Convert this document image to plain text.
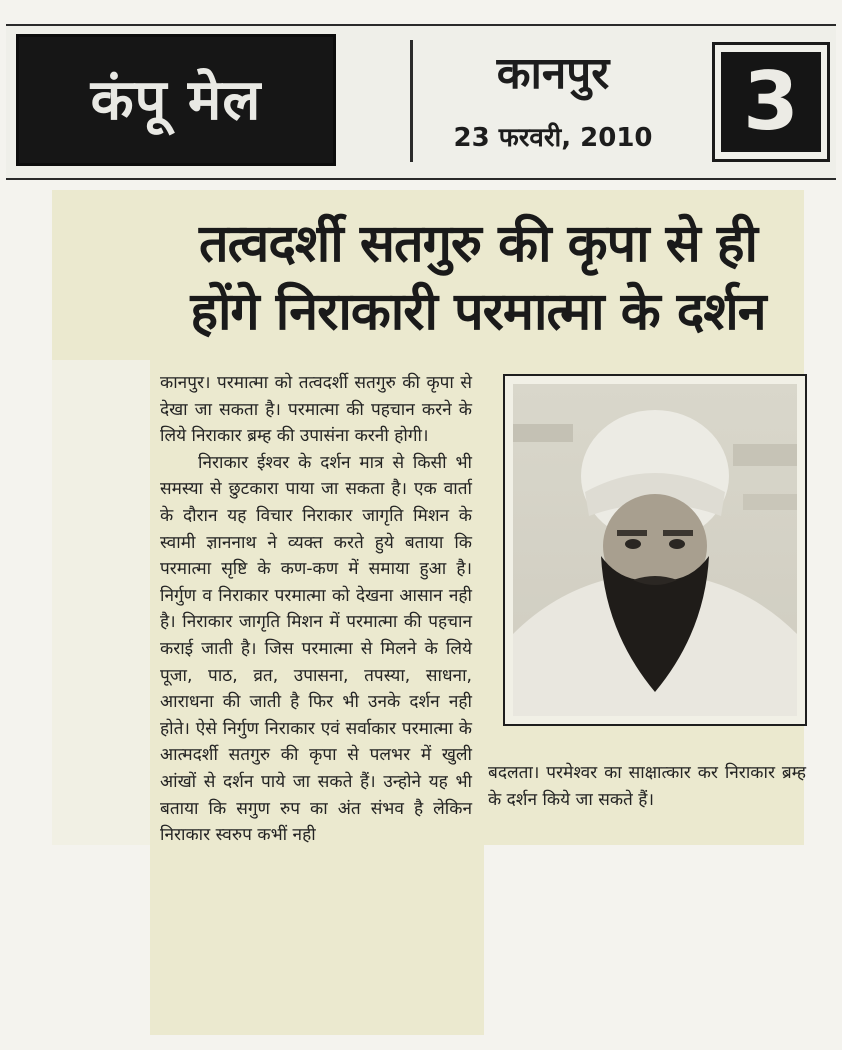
कंपू मेल	कानपुर
23 फरवरी, 2010	3
तत्वदर्शी सतगुरु की कृपा से ही
होंगे निराकारी परमात्मा के दर्शन

कानपुर। परमात्मा को तत्वदर्शी सतगुरु की कृपा से देखा जा सकता है। परमात्मा की पहचान करने के लिये निराकार ब्रम्ह की उपासंना करनी होगी।

निराकार ईश्वर के दर्शन मात्र से किसी भी समस्या से छुटकारा पाया जा सकता है। एक वार्ता के दौरान यह विचार निराकार जागृति मिशन के स्वामी ज्ञाननाथ ने व्यक्त करते हुये बताया कि परमात्मा सृष्टि के कण-कण में समाया हुआ है। निर्गुण व निराकार परमात्मा को देखना आसान नही है। निराकार जागृति मिशन में परमात्मा की पहचान कराई जाती है। जिस परमात्मा से मिलने के लिये पूजा, पाठ, व्रत, उपासना, तपस्या, साधना, आराधना की जाती है फिर भी उनके दर्शन नही होते। ऐसे निर्गुण निराकार एवं सर्वाकार परमात्मा के आत्मदर्शी सतगुरु की कृपा से पलभर में खुली आंखों से दर्शन पाये जा सकते हैं। उन्होने यह भी बताया कि सगुण रुप का अंत संभव है लेकिन निराकार स्वरुप कभीं नही

बदलता। परमेश्वर का साक्षात्कार कर निराकार ब्रम्ह के दर्शन किये जा सकते हैं।
